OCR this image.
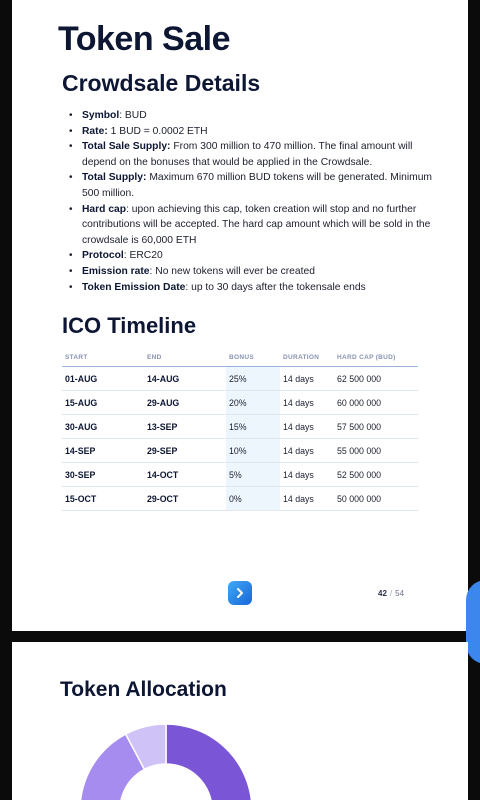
Token Sale
Crowdsale Details
• Symbol: BUD
• Rate: 1 BUD = 0.0002 ETH
• Total Sale Supply: From 300 million to 470 million. The final amount will depend on the bonuses that would be applied in the Crowdsale.
• Total Supply: Maximum 670 million BUD tokens will be generated. Minimum 500 million.
• Hard cap: upon achieving this cap, token creation will stop and no further contributions will be accepted. The hard cap amount which will be sold in the crowdsale is 60,000 ETH
• Protocol: ERC20
• Emission rate: No new tokens will ever be created
• Token Emission Date: up to 30 days after the tokensale ends
ICO Timeline
START	END	BONUS	DURATION	HARD CAP (BUD)
01-AUG	14-AUG	25%	14 days	62 500 000
15-AUG	29-AUG	20%	14 days	60 000 000
30-AUG	13-SEP	15%	14 days	57 500 000
14-SEP	29-SEP	10%	14 days	55 000 000
30-SEP	14-OCT	5%	14 days	52 500 000
15-OCT	29-OCT	0%	14 days	50 000 000
42 / 54
Token Allocation
